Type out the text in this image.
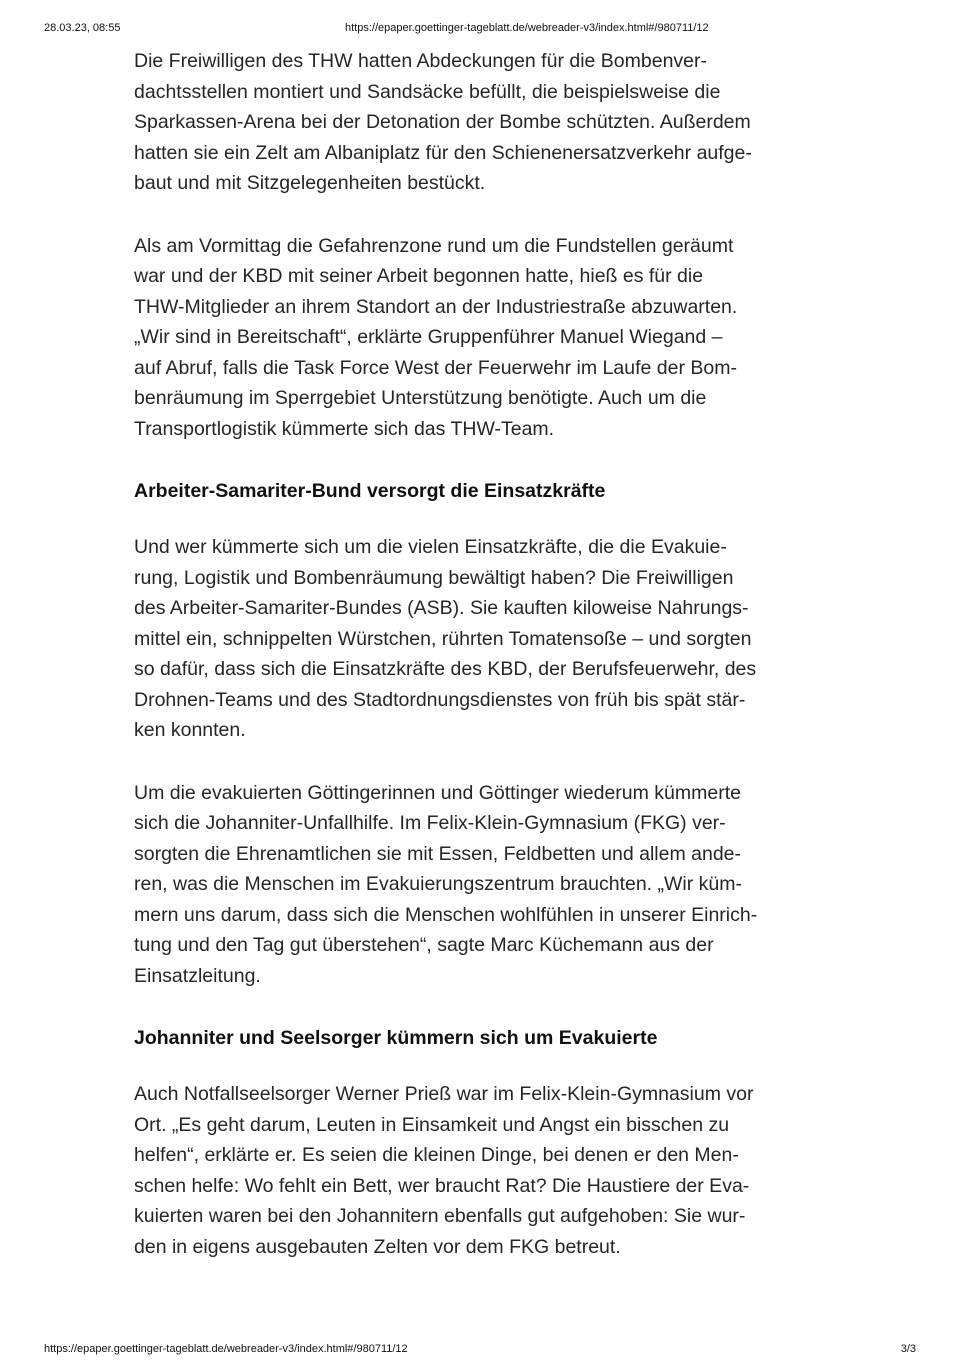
28.03.23, 08:55	https://epaper.goettinger-tageblatt.de/webreader-v3/index.html#/980711/12

Die Freiwilligen des THW hatten Abdeckungen für die Bombenver-
dachtsstellen montiert und Sandsäcke befüllt, die beispielsweise die
Sparkassen-Arena bei der Detonation der Bombe schützten. Außerdem
hatten sie ein Zelt am Albaniplatz für den Schienenersatzverkehr aufge-
baut und mit Sitzgelegenheiten bestückt.

Als am Vormittag die Gefahrenzone rund um die Fundstellen geräumt
war und der KBD mit seiner Arbeit begonnen hatte, hieß es für die
THW-Mitglieder an ihrem Standort an der Industriestraße abzuwarten.
„Wir sind in Bereitschaft“, erklärte Gruppenführer Manuel Wiegand –
auf Abruf, falls die Task Force West der Feuerwehr im Laufe der Bom-
benräumung im Sperrgebiet Unterstützung benötigte. Auch um die
Transportlogistik kümmerte sich das THW-Team.

Arbeiter-Samariter-Bund versorgt die Einsatzkräfte

Und wer kümmerte sich um die vielen Einsatzkräfte, die die Evakuie-
rung, Logistik und Bombenräumung bewältigt haben? Die Freiwilligen
des Arbeiter-Samariter-Bundes (ASB). Sie kauften kiloweise Nahrungs-
mittel ein, schnippelten Würstchen, rührten Tomatensoße – und sorgten
so dafür, dass sich die Einsatzkräfte des KBD, der Berufsfeuerwehr, des
Drohnen-Teams und des Stadtordnungsdienstes von früh bis spät stär-
ken konnten.

Um die evakuierten Göttingerinnen und Göttinger wiederum kümmerte
sich die Johanniter-Unfallhilfe. Im Felix-Klein-Gymnasium (FKG) ver-
sorgten die Ehrenamtlichen sie mit Essen, Feldbetten und allem ande-
ren, was die Menschen im Evakuierungszentrum brauchten. „Wir küm-
mern uns darum, dass sich die Menschen wohlfühlen in unserer Einrich-
tung und den Tag gut überstehen“, sagte Marc Küchemann aus der
Einsatzleitung.

Johanniter und Seelsorger kümmern sich um Evakuierte

Auch Notfallseelsorger Werner Prieß war im Felix-Klein-Gymnasium vor
Ort. „Es geht darum, Leuten in Einsamkeit und Angst ein bisschen zu
helfen“, erklärte er. Es seien die kleinen Dinge, bei denen er den Men-
schen helfe: Wo fehlt ein Bett, wer braucht Rat? Die Haustiere der Eva-
kuierten waren bei den Johannitern ebenfalls gut aufgehoben: Sie wur-
den in eigens ausgebauten Zelten vor dem FKG betreut.

https://epaper.goettinger-tageblatt.de/webreader-v3/index.html#/980711/12	3/3
